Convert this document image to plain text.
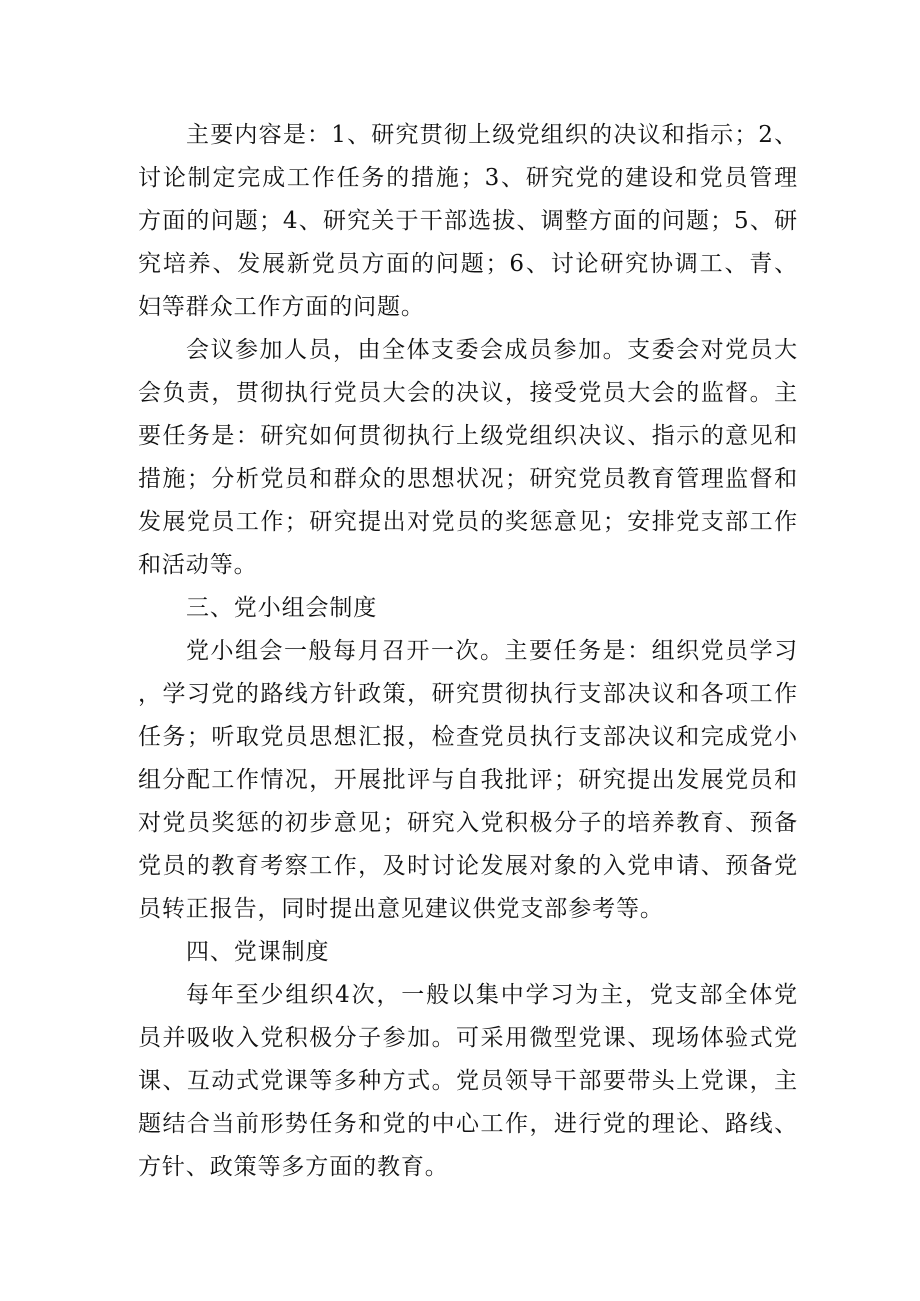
主要内容是：1、研究贯彻上级党组织的决议和指示；2、讨论制定完成工作任务的措施；3、研究党的建设和党员管理方面的问题；4、研究关于干部选拔、调整方面的问题；5、研究培养、发展新党员方面的问题；6、讨论研究协调工、青、妇等群众工作方面的问题。

会议参加人员，由全体支委会成员参加。支委会对党员大会负责，贯彻执行党员大会的决议，接受党员大会的监督。主要任务是：研究如何贯彻执行上级党组织决议、指示的意见和措施；分析党员和群众的思想状况；研究党员教育管理监督和发展党员工作；研究提出对党员的奖惩意见；安排党支部工作和活动等。

三、党小组会制度

党小组会一般每月召开一次。主要任务是：组织党员学习，学习党的路线方针政策，研究贯彻执行支部决议和各项工作任务；听取党员思想汇报，检查党员执行支部决议和完成党小组分配工作情况，开展批评与自我批评；研究提出发展党员和对党员奖惩的初步意见；研究入党积极分子的培养教育、预备党员的教育考察工作，及时讨论发展对象的入党申请、预备党员转正报告，同时提出意见建议供党支部参考等。

四、党课制度

每年至少组织4次，一般以集中学习为主，党支部全体党员并吸收入党积极分子参加。可采用微型党课、现场体验式党课、互动式党课等多种方式。党员领导干部要带头上党课，主题结合当前形势任务和党的中心工作，进行党的理论、路线、方针、政策等多方面的教育。
